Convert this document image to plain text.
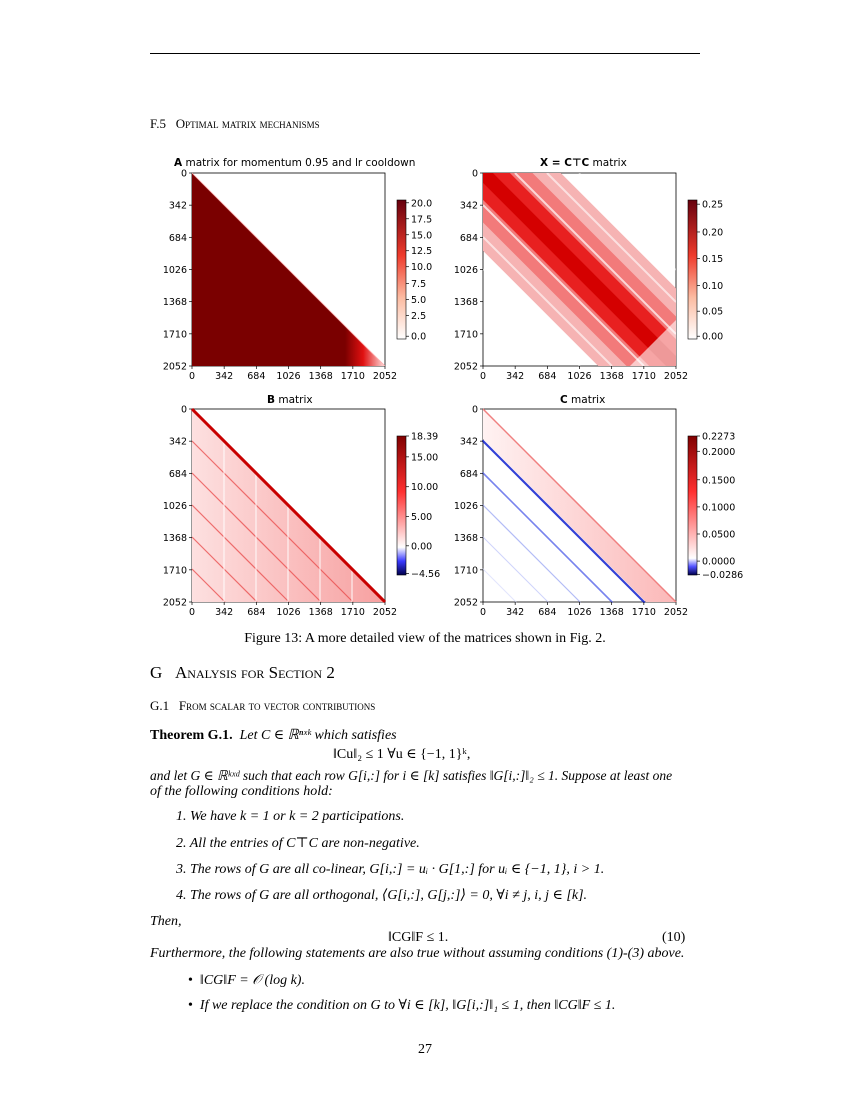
F.5 Optimal matrix mechanisms
A matrix for momentum 0.95 and lr cooldown	X = C⊤C matrix
B matrix	C matrix
20.0
17.5
15.0
12.5
10.0
7.5
5.0
2.5
0.0
0.25
0.20
0.15
0.10
0.05
0.00
18.39
15.00
10.00
5.00
0.00
−4.56
0.2273
0.2000
0.1500
0.1000
0.0500
0.0000
−0.0286
0
0
342
342
684
684
1026
1026
1368
1368
1710
1710
2052
2052
0
0
342
342
684
684
1026
1026
1368
1368
1710
1710
2052
2052
0
0
342
342
684
684
1026
1026
1368
1368
1710
1710
2052
2052
0
0
342
342
684
684
1026
1026
1368
1368
1710
1710
2052
2052
Figure 13: A more detailed view of the matrices shown in Fig. 2.
G Analysis for Section 2
G.1 From scalar to vector contributions
Theorem G.1. Let C ∈ ℝⁿˣᵏ which satisfies
‖Cu‖₂ ≤ 1 ∀u ∈ {−1, 1}ᵏ,
and let G ∈ ℝᵏˣᵈ such that each row G[i,:] for i ∈ [k] satisfies ‖G[i,:]‖₂ ≤ 1. Suppose at least one
of the following conditions hold:
1. We have k = 1 or k = 2 participations.
2. All the entries of C⊤C are non-negative.
3. The rows of G are all co-linear, G[i,:] = uᵢ · G[1,:] for uᵢ ∈ {−1, 1}, i > 1.
4. The rows of G are all orthogonal, ⟨G[i,:], G[j,:]⟩ = 0, ∀i ≠ j, i, j ∈ [k].
Then,
‖CG‖F ≤ 1.	(10)
Furthermore, the following statements are also true without assuming conditions (1)-(3) above.
• ‖CG‖F = 𝒪 (log k).
• If we replace the condition on G to ∀i ∈ [k], ‖G[i,:]‖₁ ≤ 1, then ‖CG‖F ≤ 1.
27
